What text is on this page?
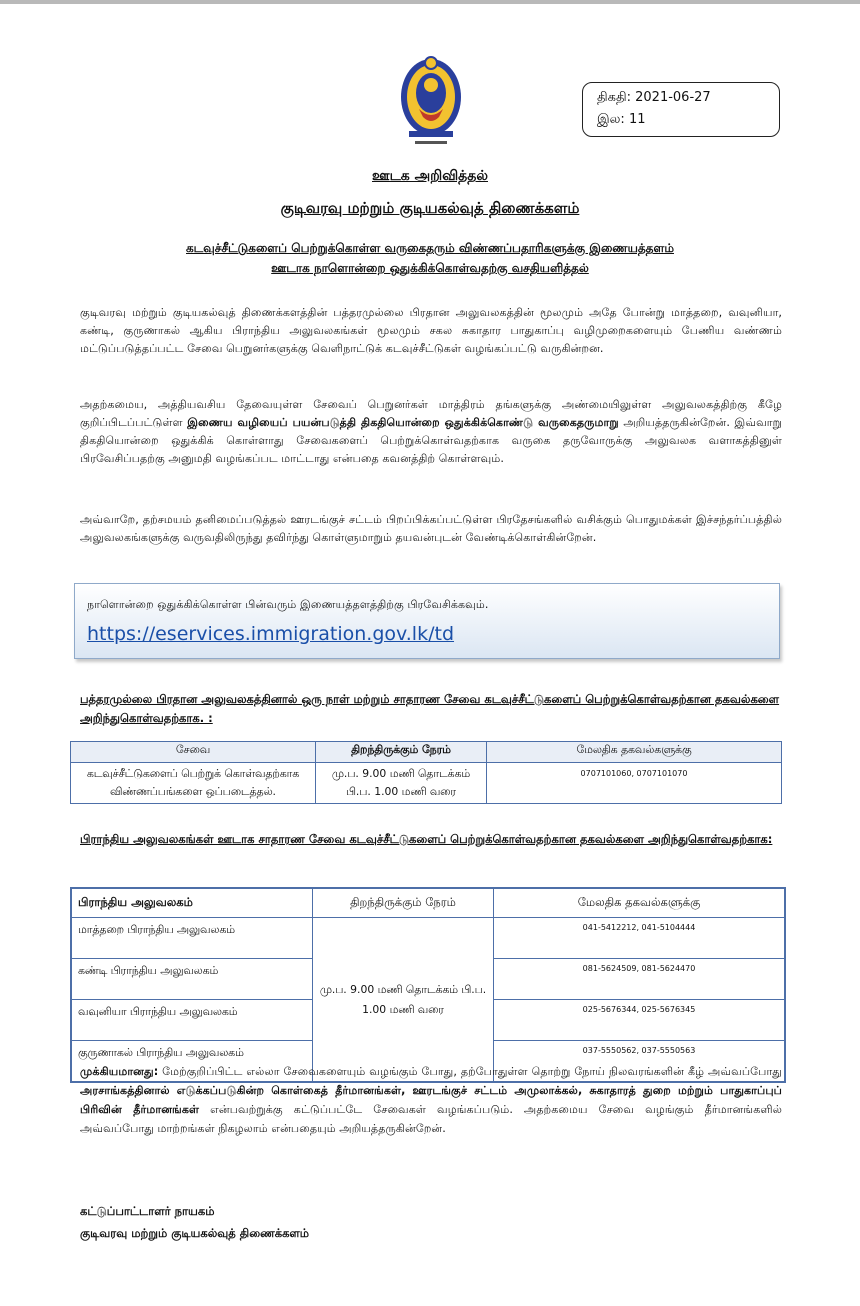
திகதி: 2021-06-27
இல: 11
ஊடக அறிவித்தல்
குடிவரவு மற்றும் குடியகல்வுத் திணைக்களம்
கடவுச்சீட்டுகளைப் பெற்றுக்கொள்ள வருகைதரும் விண்ணப்பதாரிகளுக்கு இணையத்தளம்
ஊடாக நாளொன்றை ஒதுக்கிக்கொள்வதற்கு வசதியளித்தல்
குடிவரவு மற்றும் குடியகல்வுத் திணைக்களத்தின் பத்தரமுல்லை பிரதான அலுவலகத்தின் மூலமும் அதே போன்று மாத்தறை, வவுனியா, கண்டி, குருணாகல் ஆகிய பிராந்திய அலுவலகங்கள் மூலமும் சகல சுகாதார பாதுகாப்பு வழிமுறைகளையும் பேணிய வண்ணம் மட்டுப்படுத்தப்பட்ட சேவை பெறுனர்களுக்கு வெளிநாட்டுக் கடவுச்சீட்டுகள் வழங்கப்பட்டு வருகின்றன.
அதற்கமைய, அத்தியவசிய தேவையுள்ள சேவைப் பெறுனர்கள் மாத்திரம் தங்களுக்கு அண்மையிலுள்ள அலுவலகத்திற்கு கீழே குறிப்பிடப்பட்டுள்ள இணைய வழியைப் பயன்படுத்தி திகதியொன்றை ஒதுக்கிக்கொண்டு வருகைதருமாறு அறியத்தருகின்றேன். இவ்வாறு திகதியொன்றை ஒதுக்கிக் கொள்ளாது சேவைகளைப் பெற்றுக்கொள்வதற்காக வருகை தருவோருக்கு அலுவலக வளாகத்தினுள் பிரவேசிப்பதற்கு அனுமதி வழங்கப்பட மாட்டாது என்பதை கவனத்திற் கொள்ளவும்.
அவ்வாறே, தற்சமயம் தனிமைப்படுத்தல் ஊரடங்குச் சட்டம் பிறப்பிக்கப்பட்டுள்ள பிரதேசங்களில் வசிக்கும் பொதுமக்கள் இச்சந்தர்ப்பத்தில் அலுவலகங்களுக்கு வருவதிலிருந்து தவிர்ந்து கொள்ளுமாறும் தயவன்புடன் வேண்டிக்கொள்கின்றேன்.
நாளொன்றை ஒதுக்கிக்கொள்ள பின்வரும் இணையத்தளத்திற்கு பிரவேசிக்கவும்.
https://eservices.immigration.gov.lk/td
பத்தரமுல்லை பிரதான அலுவலகத்தினால் ஒரு நாள் மற்றும் சாதாரண சேவை கடவுச்சீட்டுகளைப் பெற்றுக்கொள்வதற்கான தகவல்களை அறிந்துகொள்வதற்காக. :
சேவை	திறந்திருக்கும் நேரம்	மேலதிக தகவல்களுக்கு
கடவுச்சீட்டுகளைப் பெற்றுக் கொள்வதற்காக விண்ணப்பங்களை ஒப்படைத்தல்.	மு.ப. 9.00 மணி தொடக்கம் பி.ப. 1.00 மணி வரை	0707101060, 0707101070
பிராந்திய அலுவலகங்கள் ஊடாக சாதாரண சேவை கடவுச்சீட்டுகளைப் பெற்றுக்கொள்வதற்கான தகவல்களை அறிந்துகொள்வதற்காக:
பிராந்திய அலுவலகம்	திறந்திருக்கும் நேரம்	மேலதிக தகவல்களுக்கு
மாத்தறை பிராந்திய அலுவலகம்	மு.ப. 9.00 மணி தொடக்கம் பி.ப. 1.00 மணி வரை	041-5412212, 041-5104444
கண்டி பிராந்திய அலுவலகம்		081-5624509, 081-5624470
வவுனியா பிராந்திய அலுவலகம்		025-5676344, 025-5676345
குருணாகல் பிராந்திய அலுவலகம்		037-5550562, 037-5550563
முக்கியமானது: மேற்குறிப்பிட்ட எல்லா சேவைகளையும் வழங்கும் போது, தற்போதுள்ள தொற்று நோய் நிலவரங்களின் கீழ் அவ்வப்போது அரசாங்கத்தினால் எடுக்கப்படுகின்ற கொள்கைத் தீர்மானங்கள், ஊரடங்குச் சட்டம் அமுலாக்கல், சுகாதாரத் துறை மற்றும் பாதுகாப்புப் பிரிவின் தீர்மானங்கள் என்பவற்றுக்கு கட்டுப்பட்டே சேவைகள் வழங்கப்படும். அதற்கமைய சேவை வழங்கும் தீர்மானங்களில் அவ்வப்போது மாற்றங்கள் நிகழலாம் என்பதையும் அறியத்தருகின்றேன்.
கட்டுப்பாட்டாளர் நாயகம்
குடிவரவு மற்றும் குடியகல்வுத் திணைக்களம்
